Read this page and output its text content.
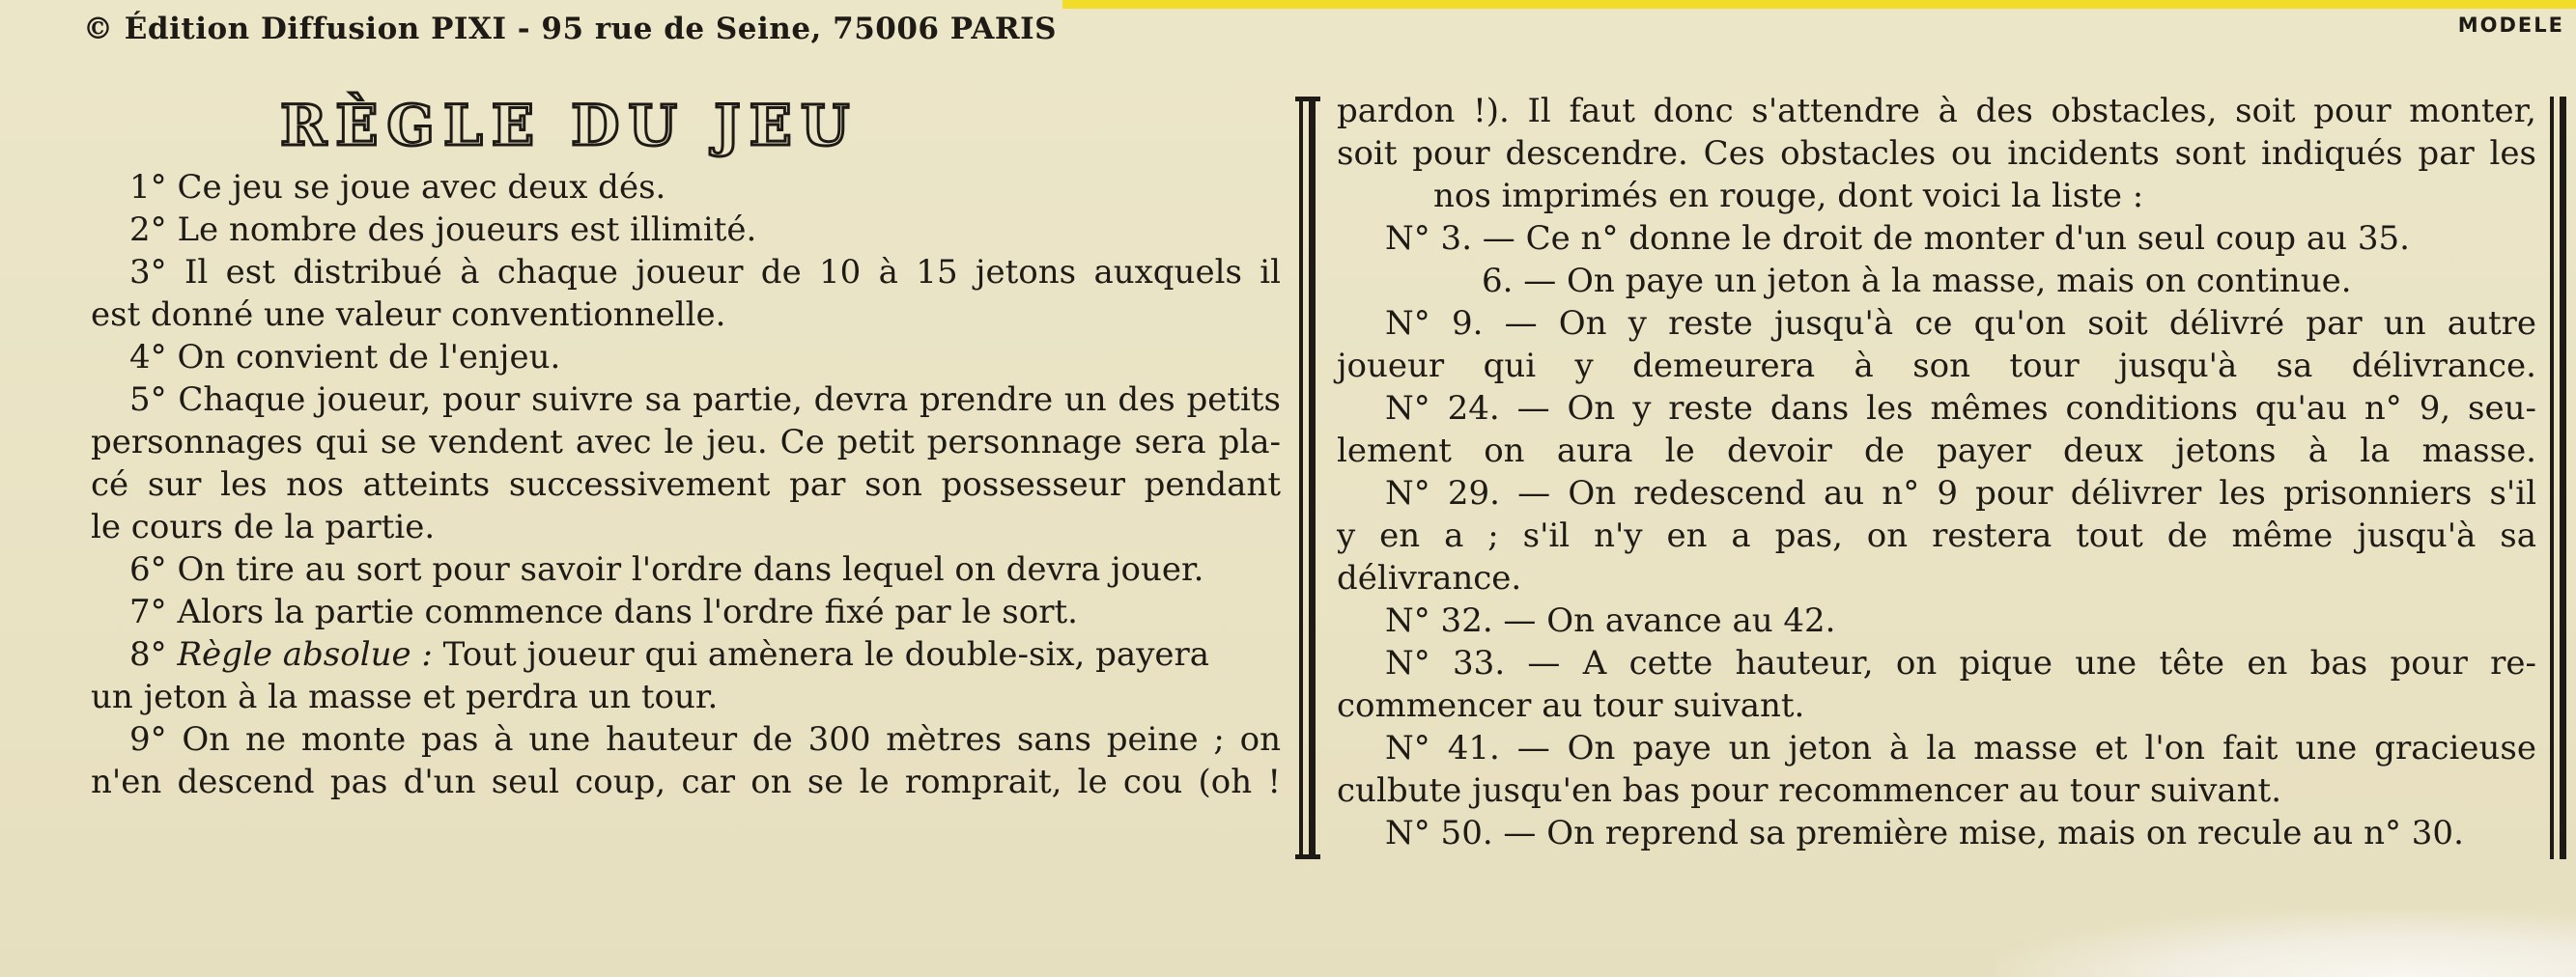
© Édition Diffusion PIXI - 95 rue de Seine, 75006 PARIS	MODELE
RÈGLE DU JEU
1° Ce jeu se joue avec deux dés.
2° Le nombre des joueurs est illimité.
3° Il est distribué à chaque joueur de 10 à 15 jetons auxquels il
est donné une valeur conventionnelle.
4° On convient de l'enjeu.
5° Chaque joueur, pour suivre sa partie, devra prendre un des petits
personnages qui se vendent avec le jeu. Ce petit personnage sera pla-
cé sur les nos atteints successivement par son possesseur pendant
le cours de la partie.
6° On tire au sort pour savoir l'ordre dans lequel on devra jouer.
7° Alors la partie commence dans l'ordre fixé par le sort.
8° Règle absolue : Tout joueur qui amènera le double-six, payera
un jeton à la masse et perdra un tour.
9° On ne monte pas à une hauteur de 300 mètres sans peine ; on
n'en descend pas d'un seul coup, car on se le romprait, le cou (oh !
pardon !). Il faut donc s'attendre à des obstacles, soit pour monter,
soit pour descendre. Ces obstacles ou incidents sont indiqués par les
nos imprimés en rouge, dont voici la liste :
N° 3. — Ce n° donne le droit de monter d'un seul coup au 35.
6. — On paye un jeton à la masse, mais on continue.
N° 9. — On y reste jusqu'à ce qu'on soit délivré par un autre
joueur qui y demeurera à son tour jusqu'à sa délivrance.
N° 24. — On y reste dans les mêmes conditions qu'au n° 9, seu-
lement on aura le devoir de payer deux jetons à la masse.
N° 29. — On redescend au n° 9 pour délivrer les prisonniers s'il
y en a ; s'il n'y en a pas, on restera tout de même jusqu'à sa
délivrance.
N° 32. — On avance au 42.
N° 33. — A cette hauteur, on pique une tête en bas pour re-
commencer au tour suivant.
N° 41. — On paye un jeton à la masse et l'on fait une gracieuse
culbute jusqu'en bas pour recommencer au tour suivant.
N° 50. — On reprend sa première mise, mais on recule au n° 30.
